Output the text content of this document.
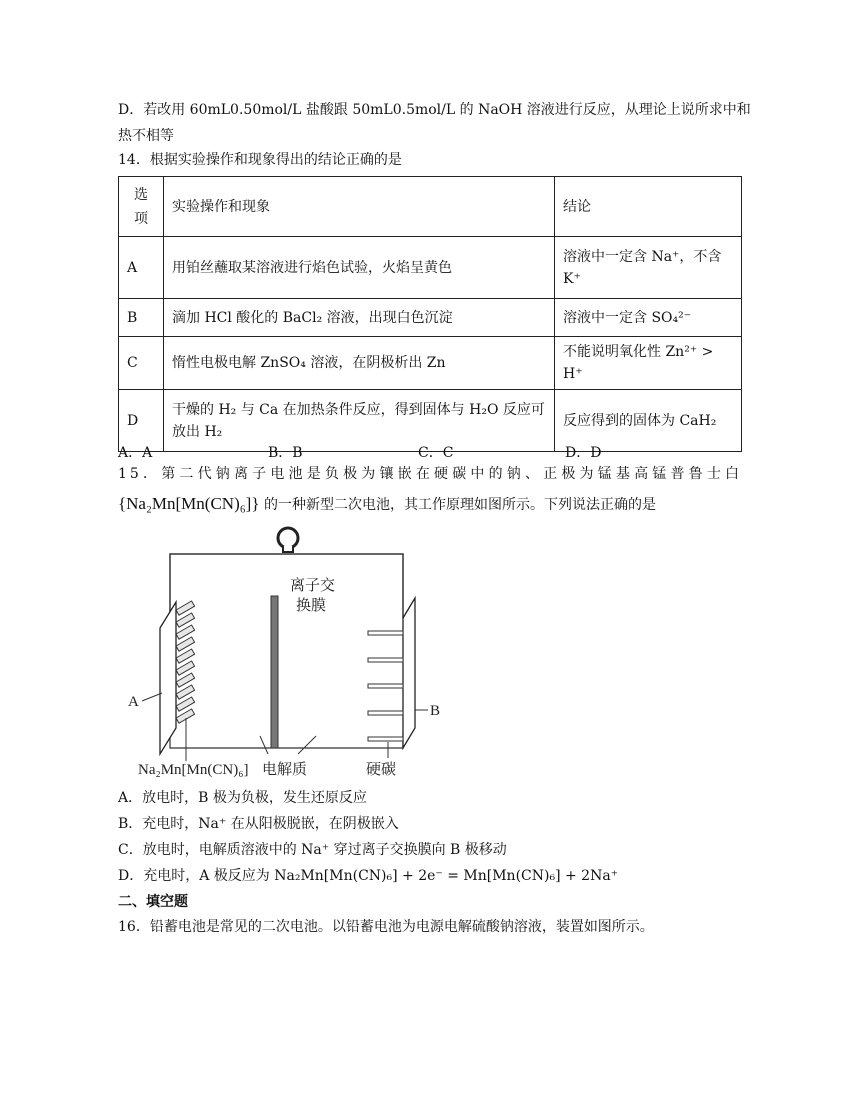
D．若改用 60mL0.50mol/L 盐酸跟 50mL0.5mol/L 的 NaOH 溶液进行反应，从理论上说所求中和
热不相等
14．根据实验操作和现象得出的结论正确的是
选项	实验操作和现象	结论
A	用铂丝蘸取某溶液进行焰色试验，火焰呈黄色	溶液中一定含 Na⁺，不含 K⁺
B	滴加 HCl 酸化的 BaCl₂ 溶液，出现白色沉淀	溶液中一定含 SO₄²⁻
C	惰性电极电解 ZnSO₄ 溶液，在阴极析出 Zn	不能说明氧化性 Zn²⁺ > H⁺
D	干燥的 H₂ 与 Ca 在加热条件反应，得到固体与 H₂O 反应可放出 H₂	反应得到的固体为 CaH₂
A．A	B．B	C．C	D．D
15．第二代钠离子电池是负极为镶嵌在硬碳中的钠、正极为锰基高锰普鲁士白
{Na₂Mn[Mn(CN)₆]} 的一种新型二次电池，其工作原理如图所示。下列说法正确的是
离子交
换膜
A
B
Na₂Mn[Mn(CN)₆] 电解质	硬碳
A．放电时，B 极为负极，发生还原反应
B．充电时，Na⁺ 在从阳极脱嵌，在阴极嵌入
C．放电时，电解质溶液中的 Na⁺ 穿过离子交换膜向 B 极移动
D．充电时，A 极反应为 Na₂Mn[Mn(CN)₆] + 2e⁻ = Mn[Mn(CN)₆] + 2Na⁺
二、填空题
16．铅蓄电池是常见的二次电池。以铅蓄电池为电源电解硫酸钠溶液，装置如图所示。
